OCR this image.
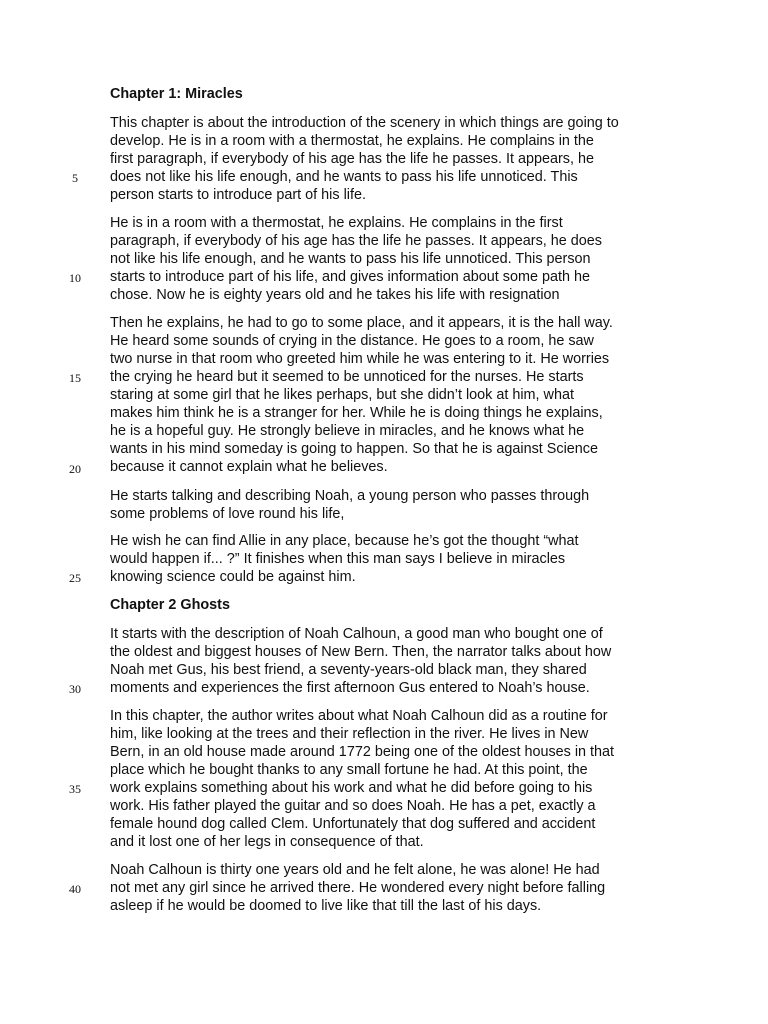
Chapter 1: Miracles
This chapter is about the introduction of the scenery in which things are going to
develop. He is in a room with a thermostat, he explains. He complains in the
first paragraph, if everybody of his age has the life he passes. It appears, he
does not like his life enough, and he wants to pass his life unnoticed. This
person starts to introduce part of his life.
He is in a room with a thermostat, he explains. He complains in the first
paragraph, if everybody of his age has the life he passes. It appears, he does
not like his life enough, and he wants to pass his life unnoticed. This person
starts to introduce part of his life, and gives information about some path he
chose. Now he is eighty years old and he takes his life with resignation
Then he explains, he had to go to some place, and it appears, it is the hall way.
He heard some sounds of crying in the distance. He goes to a room, he saw
two nurse in that room who greeted him while he was entering to it. He worries
the crying he heard but it seemed to be unnoticed for the nurses. He starts
staring at some girl that he likes perhaps, but she didn’t look at him, what
makes him think he is a stranger for her. While he is doing things he explains,
he is a hopeful guy. He strongly believe in miracles, and he knows what he
wants in his mind someday is going to happen. So that he is against Science
because it cannot explain what he believes.
He starts talking and describing Noah, a young person who passes through
some problems of love round his life,
He wish he can find Allie in any place, because he’s got the thought “what
would happen if... ?” It finishes when this man says I believe in miracles
knowing science could be against him.
Chapter 2 Ghosts
It starts with the description of Noah Calhoun, a good man who bought one of
the oldest and biggest houses of New Bern. Then, the narrator talks about how
Noah met Gus, his best friend, a seventy-years-old black man, they shared
moments and experiences the first afternoon Gus entered to Noah’s house.
In this chapter, the author writes about what Noah Calhoun did as a routine for
him, like looking at the trees and their reflection in the river. He lives in New
Bern, in an old house made around 1772 being one of the oldest houses in that
place which he bought thanks to any small fortune he had. At this point, the
work explains something about his work and what he did before going to his
work. His father played the guitar and so does Noah. He has a pet, exactly a
female hound dog called Clem. Unfortunately that dog suffered and accident
and it lost one of her legs in consequence of that.
Noah Calhoun is thirty one years old and he felt alone, he was alone! He had
not met any girl since he arrived there. He wondered every night before falling
asleep if he would be doomed to live like that till the last of his days.
5
10
15
20
25
30
35
40
